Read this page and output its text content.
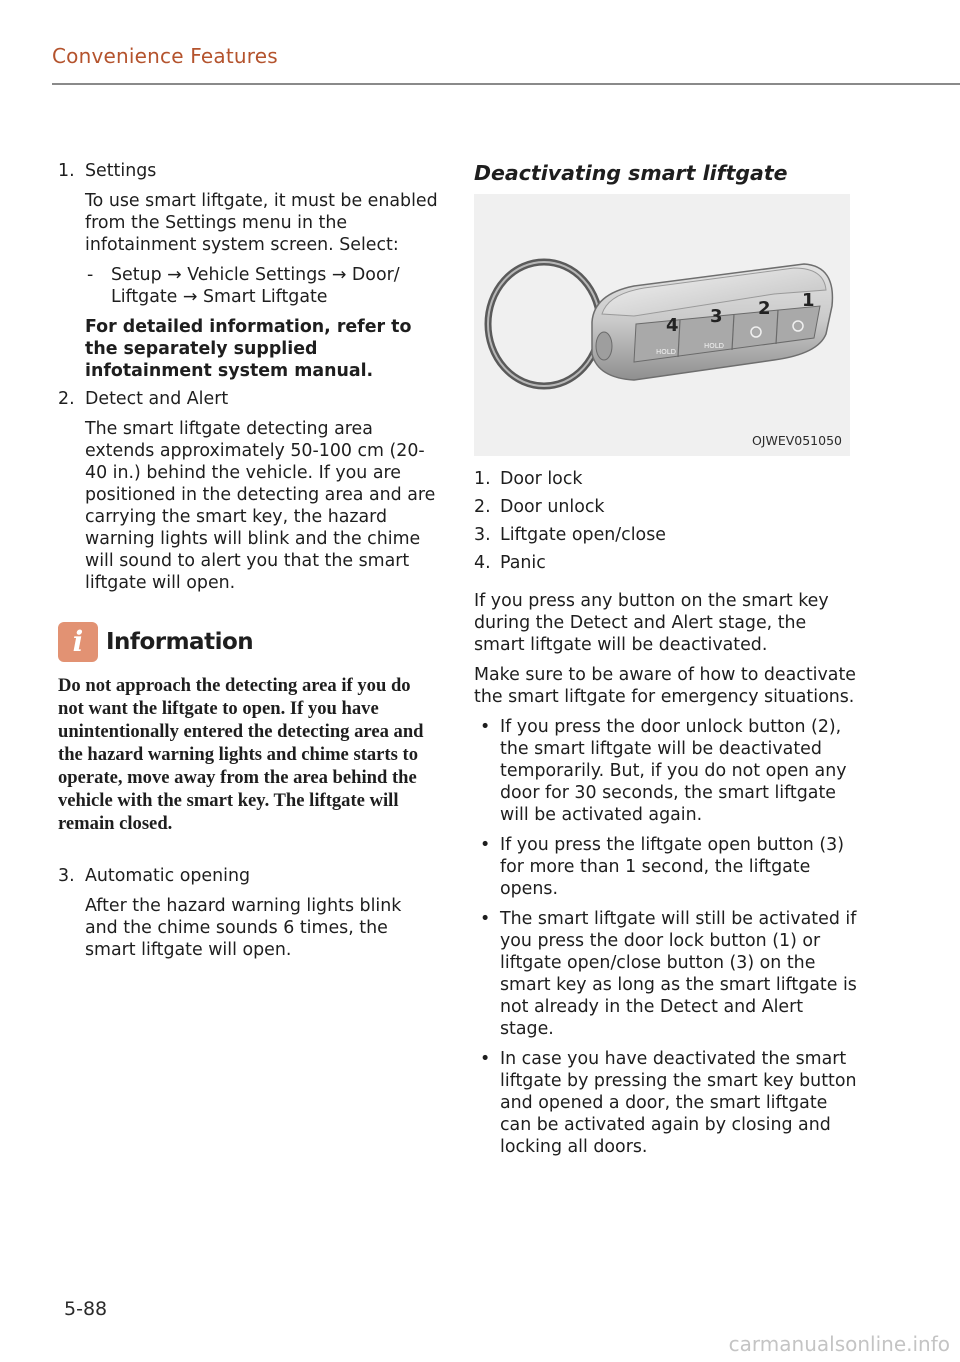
Convenience Features
1. Settings

To use smart liftgate, it must be enabled from the Settings menu in the infotainment system screen. Select:

- Setup → Vehicle Settings → Door/ Liftgate → Smart Liftgate

For detailed information, refer to the separately supplied infotainment system manual.

2. Detect and Alert

The smart liftgate detecting area extends approximately 50-100 cm (20-40 in.) behind the vehicle. If you are positioned in the detecting area and are carrying the smart key, the hazard warning lights will blink and the chime will sound to alert you that the smart liftgate will open.

i Information
Do not approach the detecting area if you do not want the liftgate to open. If you have unintentionally entered the detecting area and the hazard warning lights and chime starts to operate, move away from the area behind the vehicle with the smart key. The liftgate will remain closed.
3. Automatic opening

After the hazard warning lights blink and the chime sounds 6 times, the smart liftgate will open.

Deactivating smart liftgate
1
2
3
4
HOLD
HOLD
OJWEV051050
1. Door lock
2. Door unlock
3. Liftgate open/close
4. Panic

If you press any button on the smart key during the Detect and Alert stage, the smart liftgate will be deactivated.

Make sure to be aware of how to deactivate the smart liftgate for emergency situations.

• If you press the door unlock button (2), the smart liftgate will be deactivated temporarily. But, if you do not open any door for 30 seconds, the smart liftgate will be activated again.
• If you press the liftgate open button (3) for more than 1 second, the liftgate opens.
• The smart liftgate will still be activated if you press the door lock button (1) or liftgate open/close button (3) on the smart key as long as the smart liftgate is not already in the Detect and Alert stage.
• In case you have deactivated the smart liftgate by pressing the smart key button and opened a door, the smart liftgate can be activated again by closing and locking all doors.
5-88
carmanualsonline.info
